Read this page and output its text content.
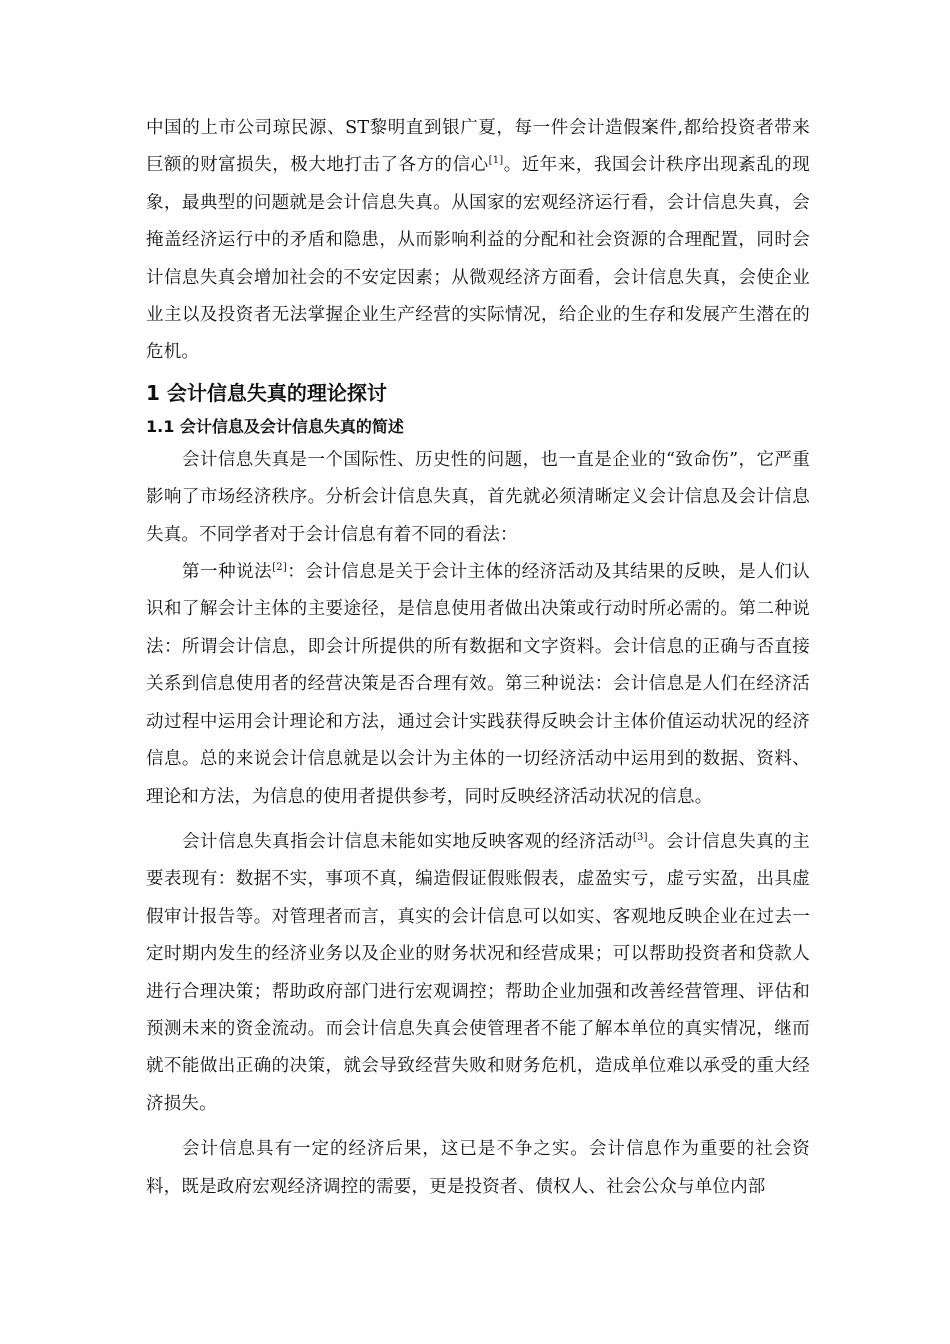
中国的上市公司琼民源、ST黎明直到银广夏，每一件会计造假案件,都给投资者带来巨额的财富损失，极大地打击了各方的信心[1]。近年来，我国会计秩序出现紊乱的现象，最典型的问题就是会计信息失真。从国家的宏观经济运行看，会计信息失真，会掩盖经济运行中的矛盾和隐患，从而影响利益的分配和社会资源的合理配置，同时会计信息失真会增加社会的不安定因素；从微观经济方面看，会计信息失真，会使企业业主以及投资者无法掌握企业生产经营的实际情况，给企业的生存和发展产生潜在的危机。

1 会计信息失真的理论探讨
1.1 会计信息及会计信息失真的简述

会计信息失真是一个国际性、历史性的问题，也一直是企业的“致命伤”，它严重影响了市场经济秩序。分析会计信息失真，首先就必须清晰定义会计信息及会计信息失真。不同学者对于会计信息有着不同的看法：

第一种说法[2]：会计信息是关于会计主体的经济活动及其结果的反映，是人们认识和了解会计主体的主要途径，是信息使用者做出决策或行动时所必需的。第二种说法：所谓会计信息，即会计所提供的所有数据和文字资料。会计信息的正确与否直接关系到信息使用者的经营决策是否合理有效。第三种说法：会计信息是人们在经济活动过程中运用会计理论和方法，通过会计实践获得反映会计主体价值运动状况的经济信息。总的来说会计信息就是以会计为主体的一切经济活动中运用到的数据、资料、理论和方法，为信息的使用者提供参考，同时反映经济活动状况的信息。

会计信息失真指会计信息未能如实地反映客观的经济活动[3]。会计信息失真的主要表现有：数据不实，事项不真，编造假证假账假表，虚盈实亏，虚亏实盈，出具虚假审计报告等。对管理者而言，真实的会计信息可以如实、客观地反映企业在过去一定时期内发生的经济业务以及企业的财务状况和经营成果；可以帮助投资者和贷款人进行合理决策；帮助政府部门进行宏观调控；帮助企业加强和改善经营管理、评估和预测未来的资金流动。而会计信息失真会使管理者不能了解本单位的真实情况，继而就不能做出正确的决策，就会导致经营失败和财务危机，造成单位难以承受的重大经济损失。

会计信息具有一定的经济后果，这已是不争之实。会计信息作为重要的社会资料，既是政府宏观经济调控的需要，更是投资者、债权人、社会公众与单位内部
